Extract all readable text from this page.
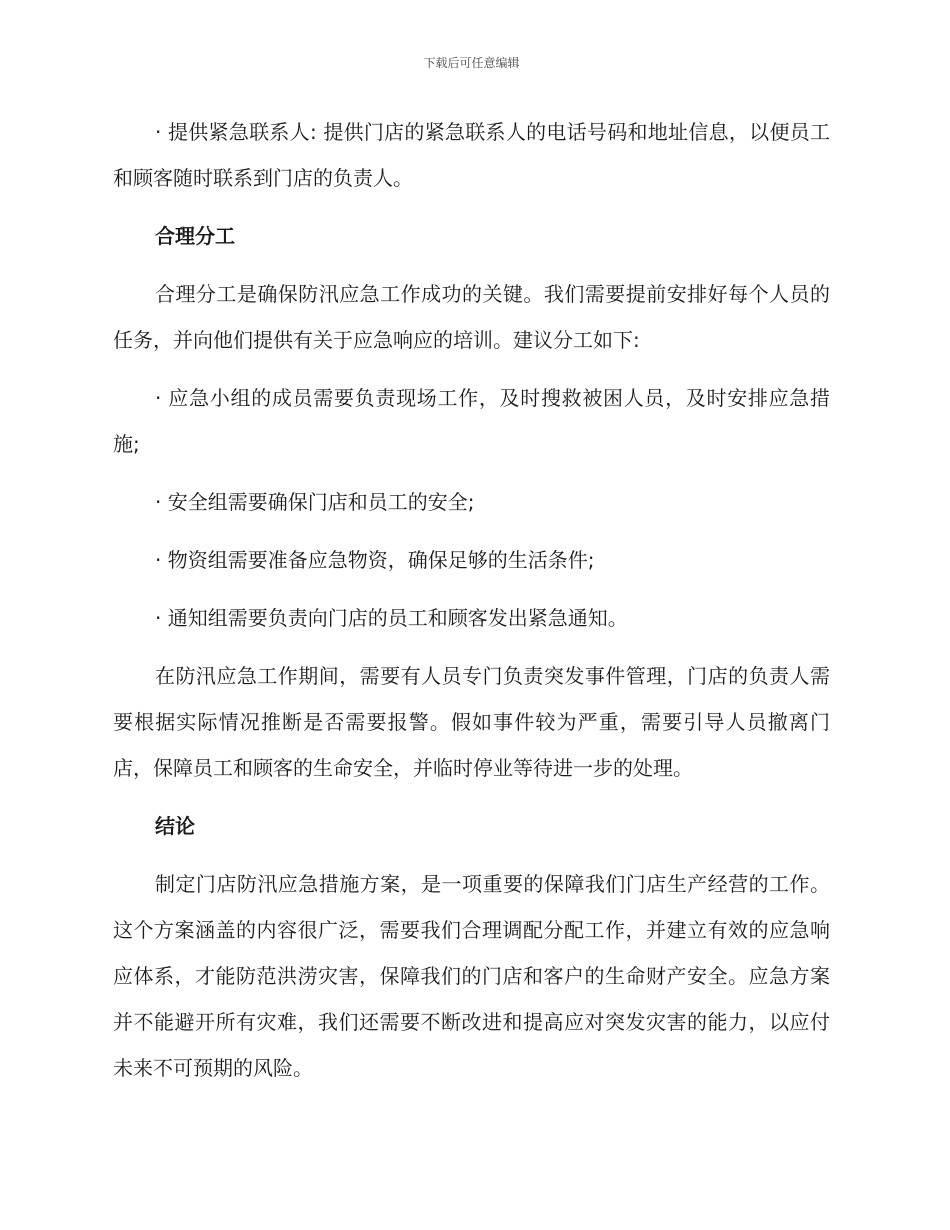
下载后可任意编辑

· 提供紧急联系人: 提供门店的紧急联系人的电话号码和地址信息，以便员工和顾客随时联系到门店的负责人。

合理分工

合理分工是确保防汛应急工作成功的关键。我们需要提前安排好每个人员的任务，并向他们提供有关于应急响应的培训。建议分工如下:

· 应急小组的成员需要负责现场工作，及时搜救被困人员，及时安排应急措施;

· 安全组需要确保门店和员工的安全;

· 物资组需要准备应急物资，确保足够的生活条件;

· 通知组需要负责向门店的员工和顾客发出紧急通知。

在防汛应急工作期间，需要有人员专门负责突发事件管理，门店的负责人需要根据实际情况推断是否需要报警。假如事件较为严重，需要引导人员撤离门店，保障员工和顾客的生命安全，并临时停业等待进一步的处理。

结论

制定门店防汛应急措施方案，是一项重要的保障我们门店生产经营的工作。这个方案涵盖的内容很广泛，需要我们合理调配分配工作，并建立有效的应急响应体系，才能防范洪涝灾害，保障我们的门店和客户的生命财产安全。应急方案并不能避开所有灾难，我们还需要不断改进和提高应对突发灾害的能力，以应付未来不可预期的风险。
